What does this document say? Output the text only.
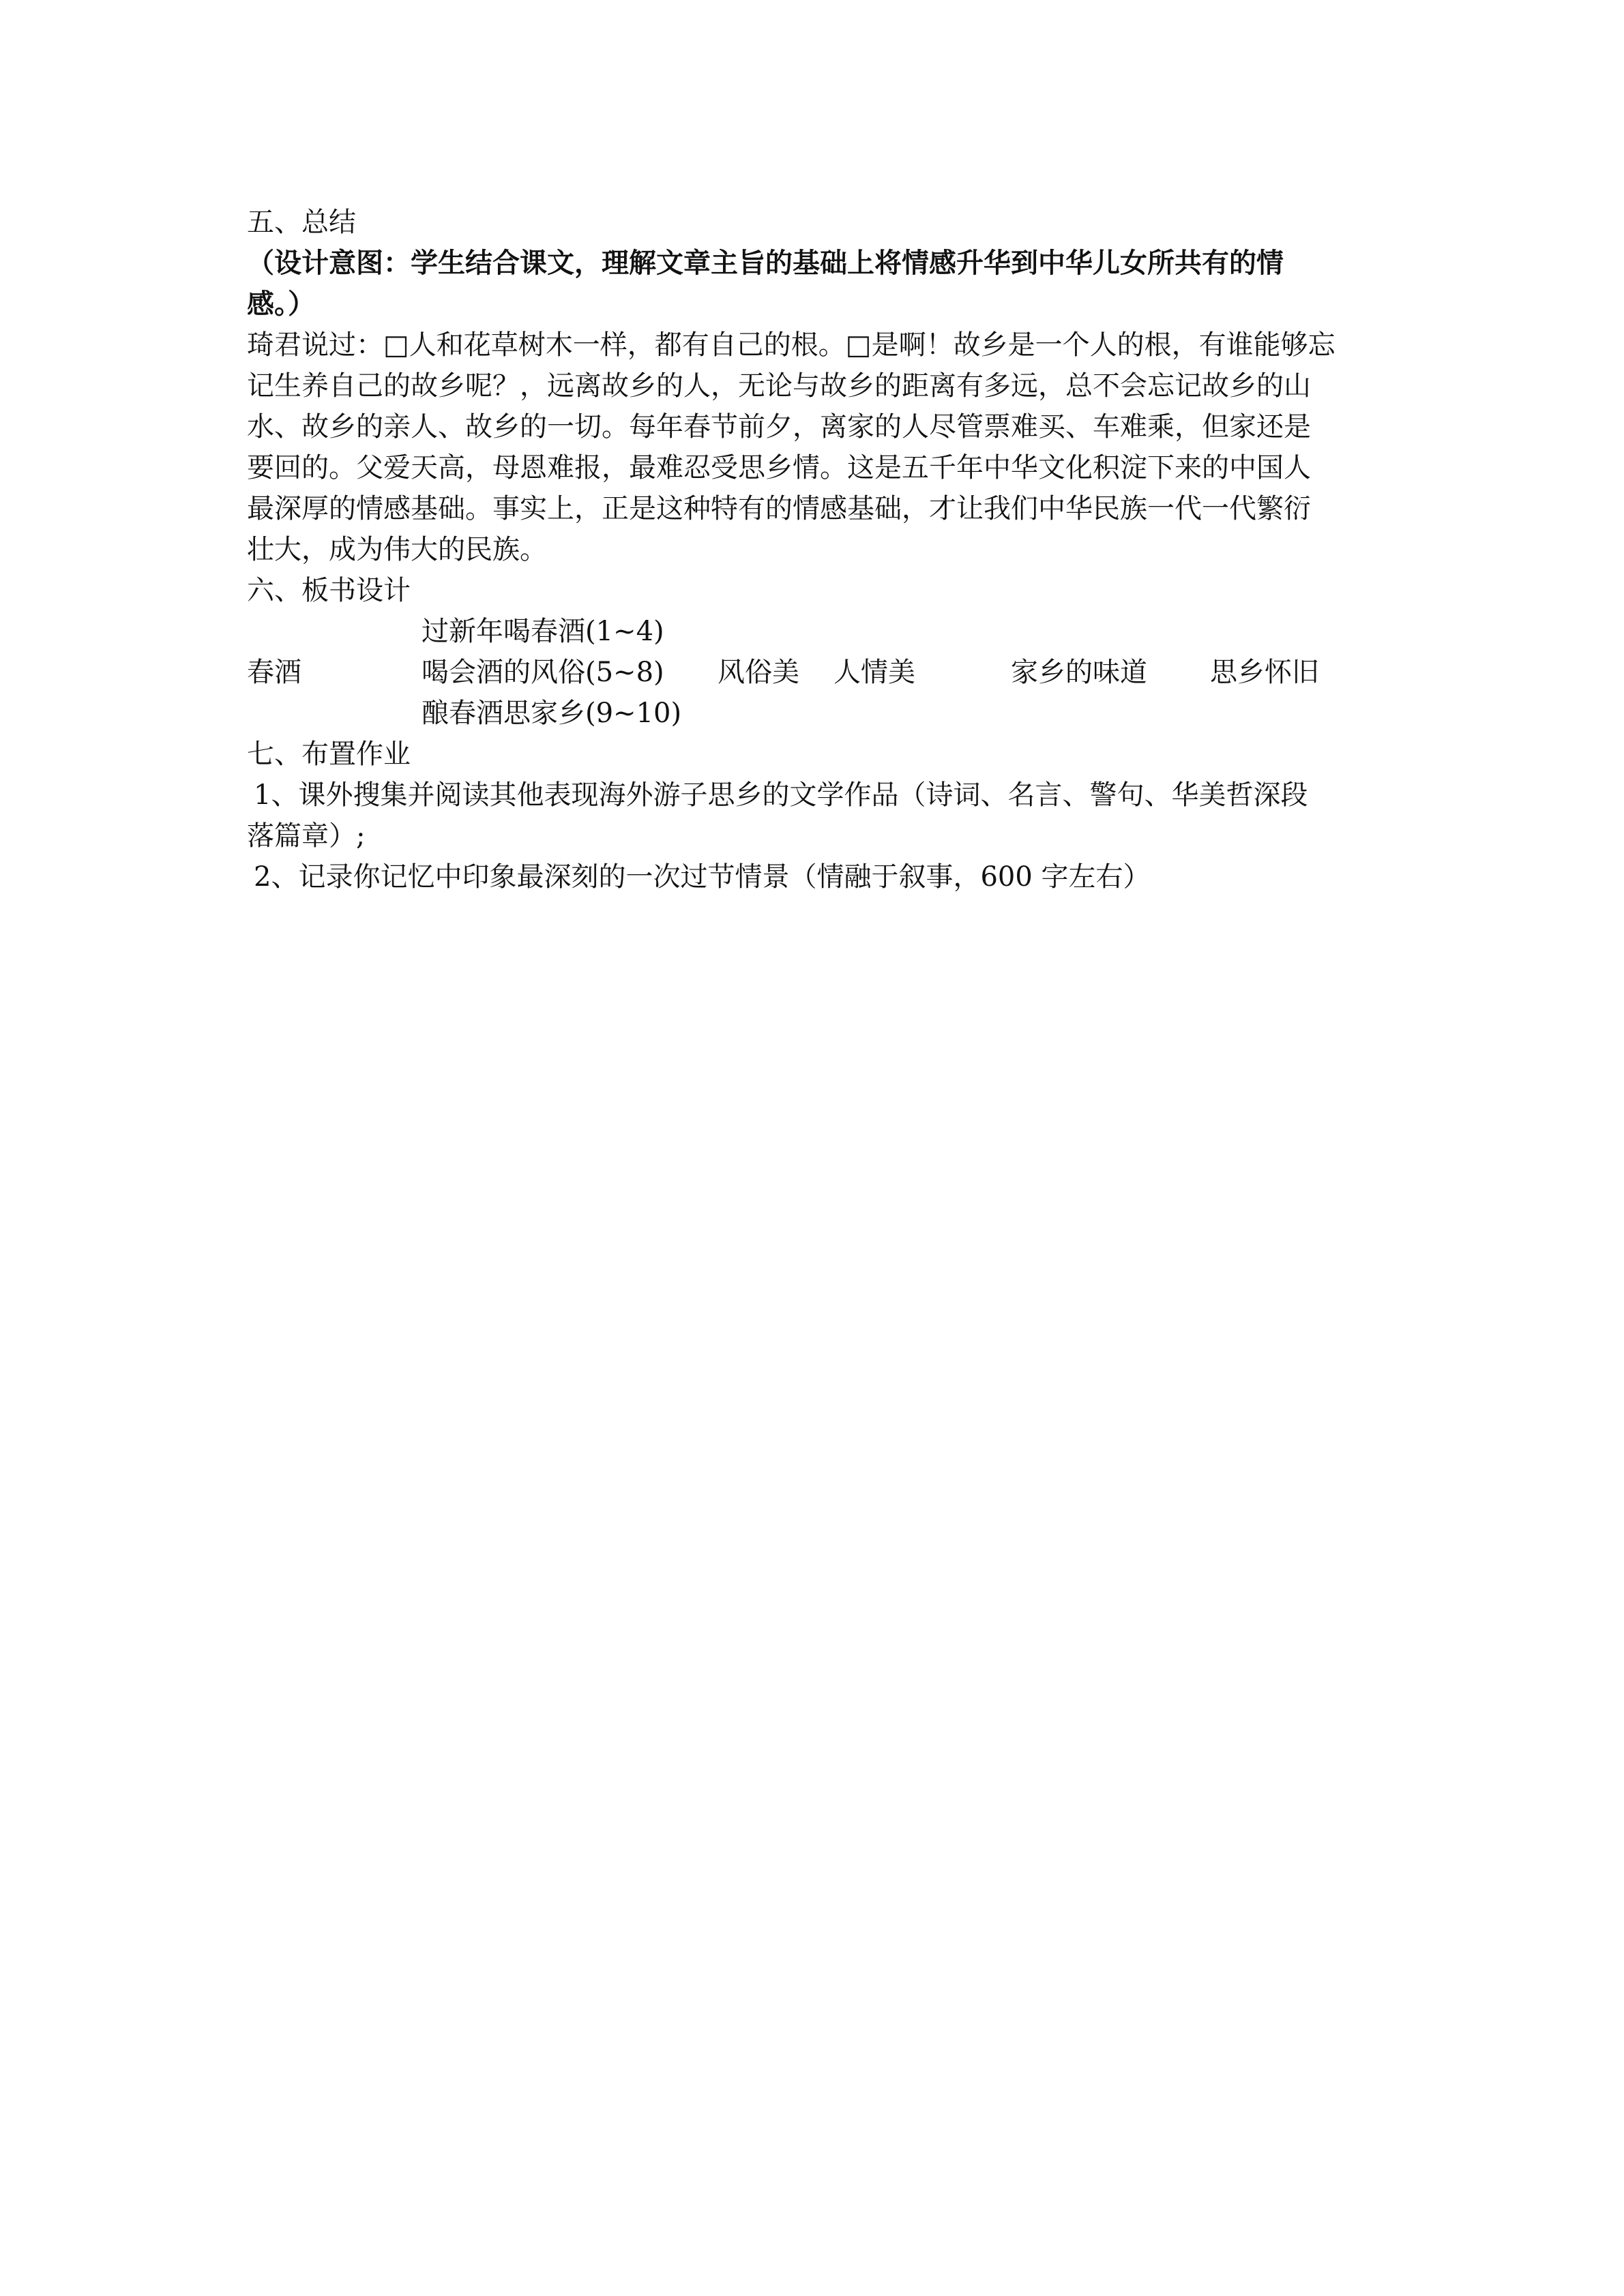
五、总结
（设计意图：学生结合课文，理解文章主旨的基础上将情感升华到中华儿女所共有的情
感。）
琦君说过：□人和花草树木一样，都有自己的根。□是啊！故乡是一个人的根，有谁能够忘
记生养自己的故乡呢？，远离故乡的人，无论与故乡的距离有多远，总不会忘记故乡的山
水、故乡的亲人、故乡的一切。每年春节前夕，离家的人尽管票难买、车难乘，但家还是
要回的。父爱天高，母恩难报，最难忍受思乡情。这是五千年中华文化积淀下来的中国人
最深厚的情感基础。事实上，正是这种特有的情感基础，才让我们中华民族一代一代繁衍
壮大，成为伟大的民族。
六、板书设计
过新年喝春酒(1~4)
春酒	喝会酒的风俗(5~8) 风俗美 人情美	家乡的味道 思乡怀旧
酿春酒思家乡(9~10)
七、布置作业
1、课外搜集并阅读其他表现海外游子思乡的文学作品（诗词、名言、警句、华美哲深段
落篇章）;
2、记录你记忆中印象最深刻的一次过节情景（情融于叙事，600 字左右）
